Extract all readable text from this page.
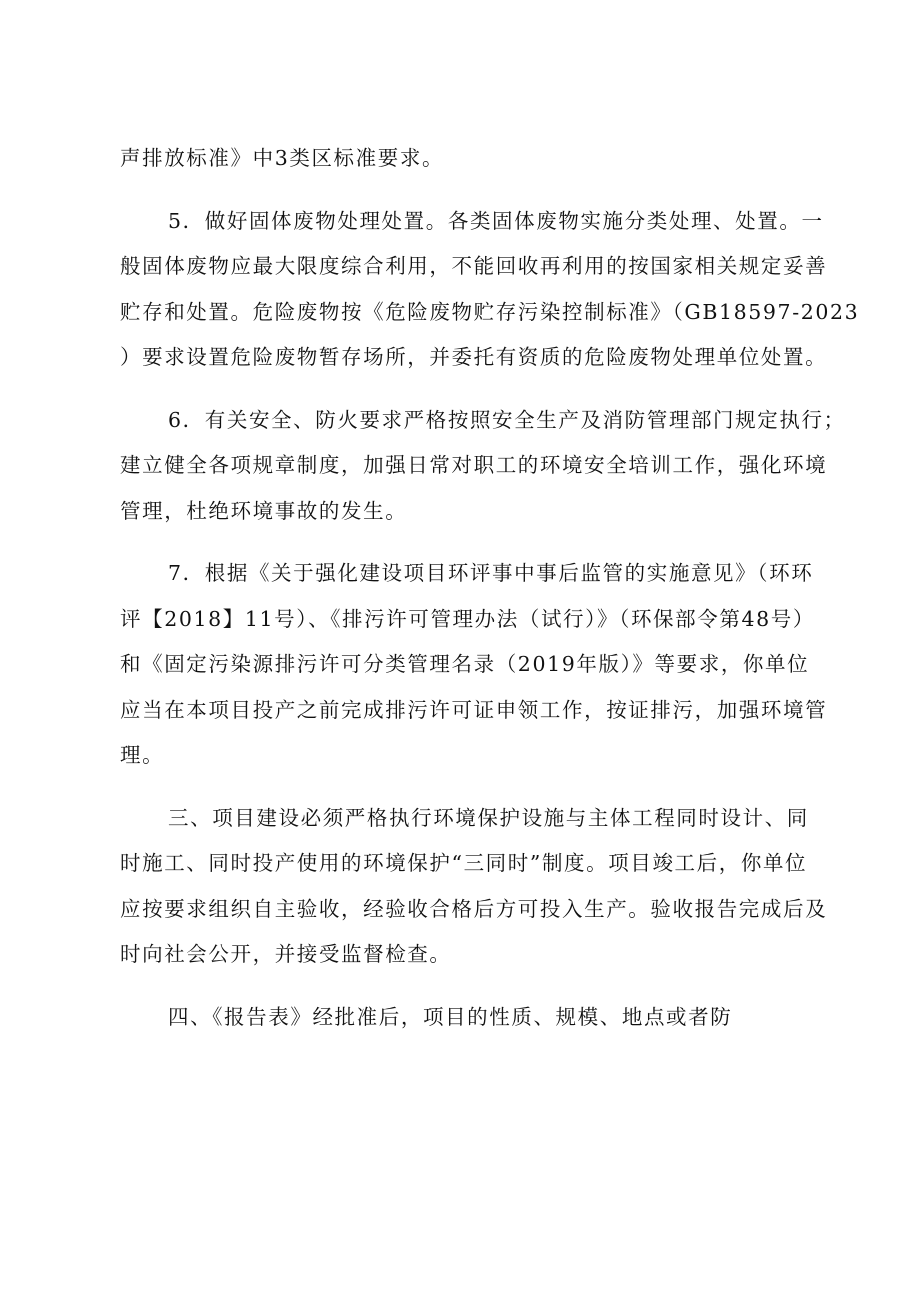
声排放标准》中3类区标准要求。
5．做好固体废物处理处置。各类固体废物实施分类处理、处置。一
般固体废物应最大限度综合利用，不能回收再利用的按国家相关规定妥善
贮存和处置。危险废物按《危险废物贮存污染控制标准》（GB18597-2023
）要求设置危险废物暂存场所，并委托有资质的危险废物处理单位处置。
6．有关安全、防火要求严格按照安全生产及消防管理部门规定执行；
建立健全各项规章制度，加强日常对职工的环境安全培训工作，强化环境
管理，杜绝环境事故的发生。
7．根据《关于强化建设项目环评事中事后监管的实施意见》（环环
评【2018】11号）、《排污许可管理办法（试行）》（环保部令第48号）
和《固定污染源排污许可分类管理名录（2019年版）》等要求，你单位
应当在本项目投产之前完成排污许可证申领工作，按证排污，加强环境管
理。
三、项目建设必须严格执行环境保护设施与主体工程同时设计、同
时施工、同时投产使用的环境保护“三同时”制度。项目竣工后，你单位
应按要求组织自主验收，经验收合格后方可投入生产。验收报告完成后及
时向社会公开，并接受监督检查。
四、《报告表》经批准后，项目的性质、规模、地点或者防
